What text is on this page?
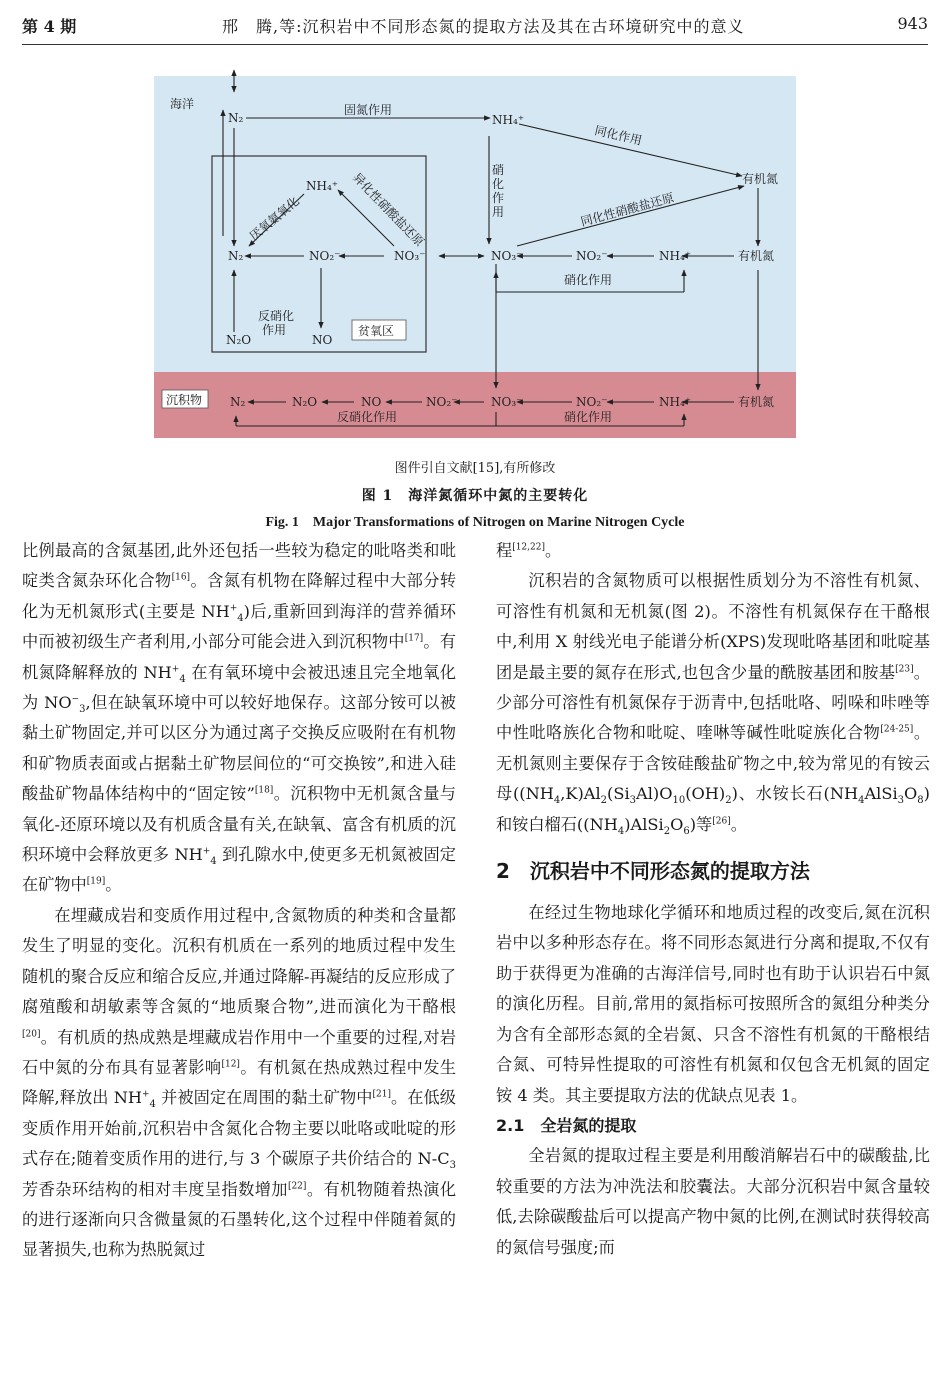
第 4 期	邢　腾,等:沉积岩中不同形态氮的提取方法及其在古环境研究中的意义	943
海洋
沉积物
贫氧区
N₂	NH₄⁺
有机氮
NH₄⁺
N₂	NO₂⁻	NO₃⁻	NO₃⁻	NO₂⁻	NH₄⁺	有机氮
N₂O	NO
N₂	N₂O	NO	NO₂⁻	NO₃⁻	NO₂⁻	NH₄⁺	有机氮
固氮作用
同化作用
硝
化
作
用	同化性硝酸盐还原
厌氧氨氧化	异化性硝酸盐还原
硝化作用
反硝化
作用
反硝化作用	硝化作用
图件引自文献[15],有所修改
图 1　海洋氮循环中氮的主要转化
Fig. 1　Major Transformations of Nitrogen on Marine Nitrogen Cycle

比例最高的含氮基团,此外还包括一些较为稳定的吡咯类和吡啶类含氮杂环化合物[16]。含氮有机物在降解过程中大部分转化为无机氮形式(主要是 $NH^+_4$)后,重新回到海洋的营养循环中而被初级生产者利用,小部分可能会进入到沉积物中[17]。有机氮降解释放的 $NH^+_4$ 在有氧环境中会被迅速且完全地氧化为 $NO^-_3$,但在缺氧环境中可以较好地保存。这部分铵可以被黏土矿物固定,并可以区分为通过离子交换反应吸附在有机物和矿物质表面或占据黏土矿物层间位的“可交换铵”,和进入硅酸盐矿物晶体结构中的“固定铵”[18]。沉积物中无机氮含量与氧化-还原环境以及有机质含量有关,在缺氧、富含有机质的沉积环境中会释放更多 $NH^+_4$ 到孔隙水中,使更多无机氮被固定在矿物中[19]。

在埋藏成岩和变质作用过程中,含氮物质的种类和含量都发生了明显的变化。沉积有机质在一系列的地质过程中发生随机的聚合反应和缩合反应,并通过降解-再凝结的反应形成了腐殖酸和胡敏素等含氮的“地质聚合物”,进而演化为干酪根[20]。有机质的热成熟是埋藏成岩作用中一个重要的过程,对岩石中氮的分布具有显著影响[12]。有机氮在热成熟过程中发生降解,释放出 $NH^+_4$ 并被固定在周围的黏土矿物中[21]。在低级变质作用开始前,沉积岩中含氮化合物主要以吡咯或吡啶的形式存在;随着变质作用的进行,与 3 个碳原子共价结合的 $N-C_3$ 芳香杂环结构的相对丰度呈指数增加[22]。有机物随着热演化的进行逐渐向只含微量氮的石墨转化,这个过程中伴随着氮的显著损失,也称为热脱氮过

程[12,22]。

沉积岩的含氮物质可以根据性质划分为不溶性有机氮、可溶性有机氮和无机氮(图 2)。不溶性有机氮保存在干酪根中,利用 X 射线光电子能谱分析(XPS)发现吡咯基团和吡啶基团是最主要的氮存在形式,也包含少量的酰胺基团和胺基[23]。少部分可溶性有机氮保存于沥青中,包括吡咯、吲哚和咔唑等中性吡咯族化合物和吡啶、喹啉等碱性吡啶族化合物[24-25]。无机氮则主要保存于含铵硅酸盐矿物之中,较为常见的有铵云母$((NH_4,K)Al_2(Si_3Al)O_{10}(OH)_2)$、水铵长石$(NH_4AlSi_3O_8)$和铵白榴石$((NH_4)AlSi_2O_6)$等[26]。

2　沉积岩中不同形态氮的提取方法

在经过生物地球化学循环和地质过程的改变后,氮在沉积岩中以多种形态存在。将不同形态氮进行分离和提取,不仅有助于获得更为准确的古海洋信号,同时也有助于认识岩石中氮的演化历程。目前,常用的氮指标可按照所含的氮组分种类分为含有全部形态氮的全岩氮、只含不溶性有机氮的干酪根结合氮、可特异性提取的可溶性有机氮和仅包含无机氮的固定铵 4 类。其主要提取方法的优缺点见表 1。

2.1　全岩氮的提取

全岩氮的提取过程主要是利用酸消解岩石中的碳酸盐,比较重要的方法为冲洗法和胶囊法。大部分沉积岩中氮含量较低,去除碳酸盐后可以提高产物中氮的比例,在测试时获得较高的氮信号强度;而
